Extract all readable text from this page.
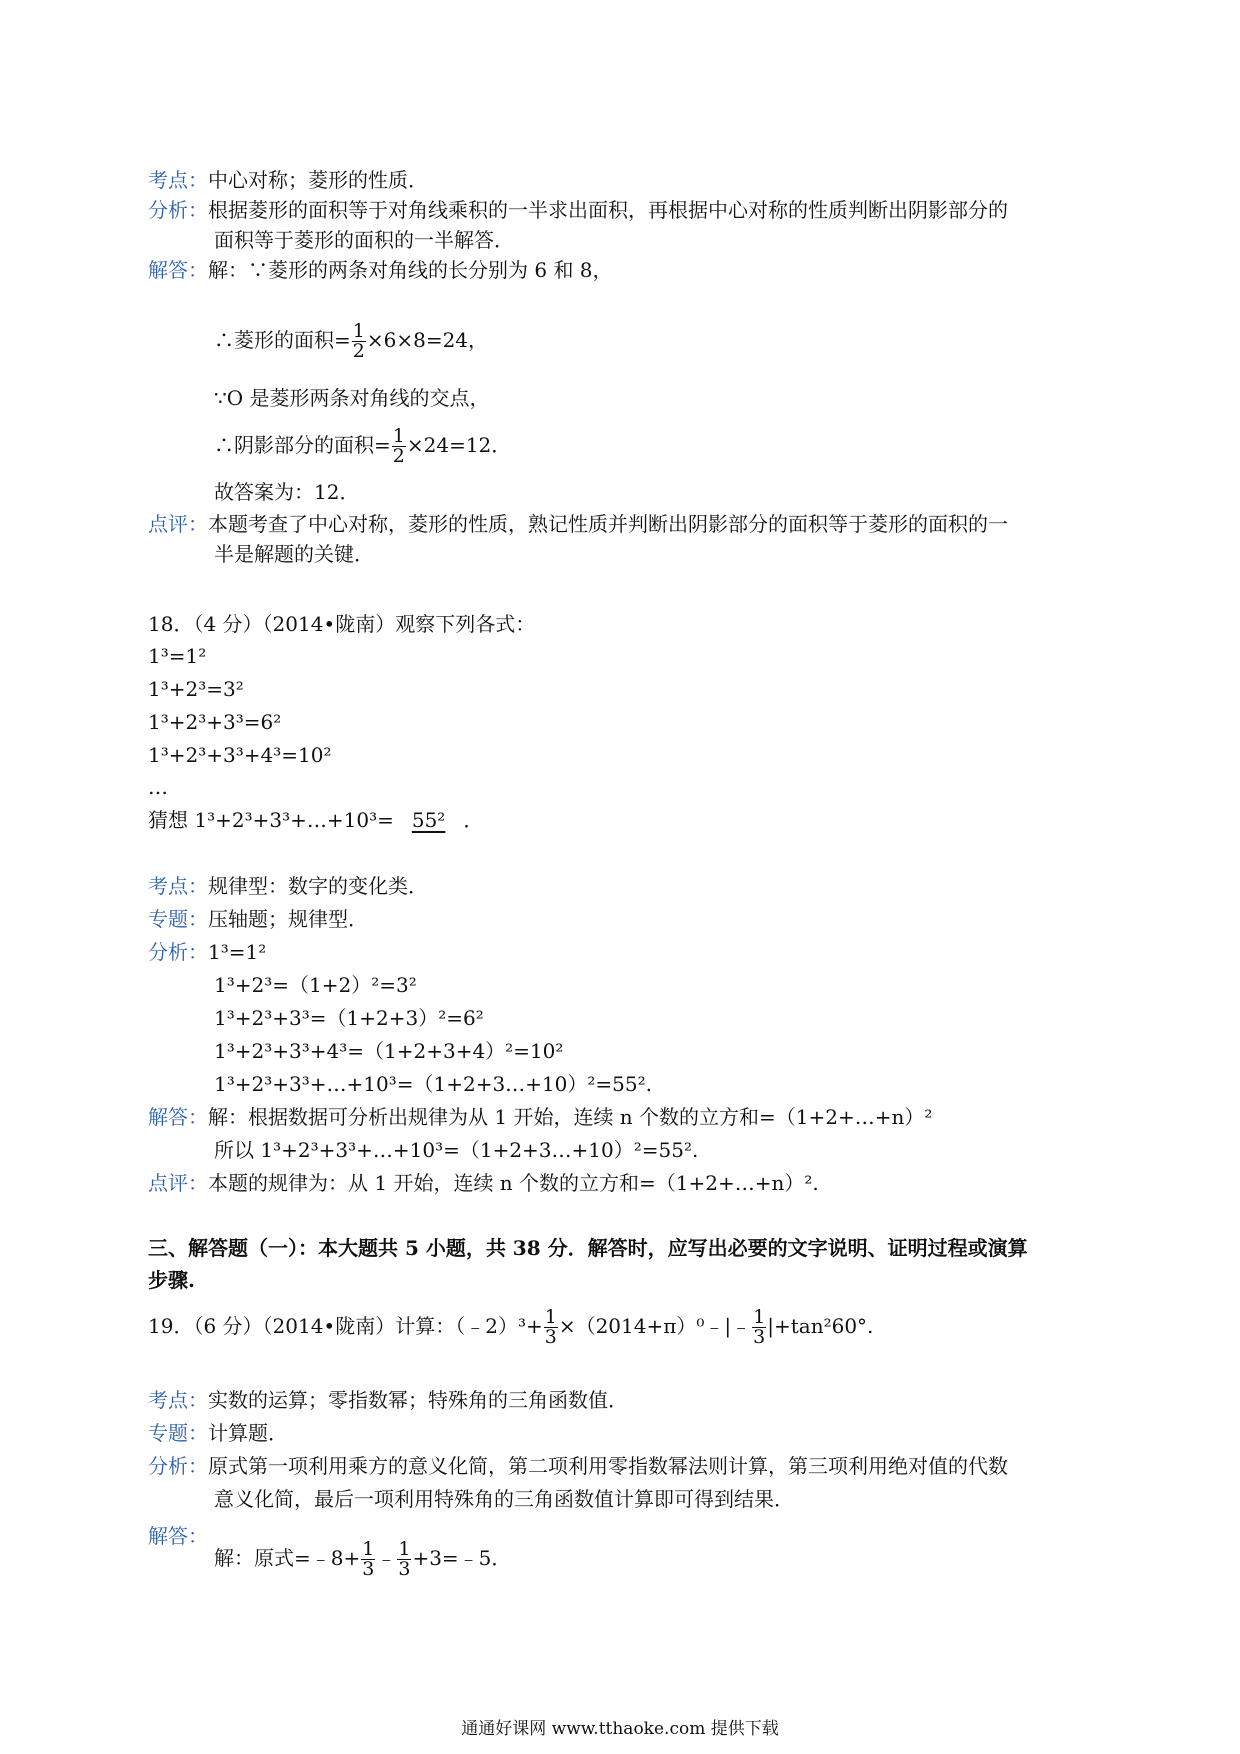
考点：中心对称；菱形的性质．
分析：根据菱形的面积等于对角线乘积的一半求出面积，再根据中心对称的性质判断出阴影部分的
面积等于菱形的面积的一半解答．
解答：解：∵菱形的两条对角线的长分别为 6 和 8，
∴菱形的面积= $\frac{1}{2} \times 6\times 8=24$，
∵O 是菱形两条对角线的交点，
∴阴影部分的面积= $\frac{1}{2} \times 24=12$．
故答案为：12．
点评：本题考查了中心对称，菱形的性质，熟记性质并判断出阴影部分的面积等于菱形的面积的一
半是解题的关键．
18．（4 分）（2014•陇南）观察下列各式：
1³=1²
1³+2³=3²
1³+2³+3³=6²
1³+2³+3³+4³=10²
…
猜想 1³+2³+3³+…+10³= 55² ．
考点：规律型：数字的变化类．
专题：压轴题；规律型．
分析：1³=1²
1³+2³=（1+2）²=3²
1³+2³+3³=（1+2+3）²=6²
1³+2³+3³+4³=（1+2+3+4）²=10²
1³+2³+3³+…+10³=（1+2+3…+10）²=55².
解答：解：根据数据可分析出规律为从 1 开始，连续 n 个数的立方和=（1+2+…+n）²
所以 1³+2³+3³+…+10³=（1+2+3…+10）²=55².
点评：本题的规律为：从 1 开始，连续 n 个数的立方和=（1+2+…+n）².
三、解答题（一）：本大题共 5 小题，共 38 分．解答时，应写出必要的文字说明、证明过程或演算
步骤.
19．（6 分）（2014•陇南）计算：（﹣2）³+ $\frac{1}{3}$ ×（2014+π）⁰﹣|﹣ $\frac{1}{3} |+\tan^260^\circ$.
考点：实数的运算；零指数幂；特殊角的三角函数值．
专题：计算题．
分析：原式第一项利用乘方的意义化简，第二项利用零指数幂法则计算，第三项利用绝对值的代数
意义化简，最后一项利用特殊角的三角函数值计算即可得到结果．
解答：
解：原式=﹣8+ $\frac{1}{3}$ ﹣ $\frac{1}{3}$ +3=﹣5．
通通好课网 www.tthaoke.com 提供下载
